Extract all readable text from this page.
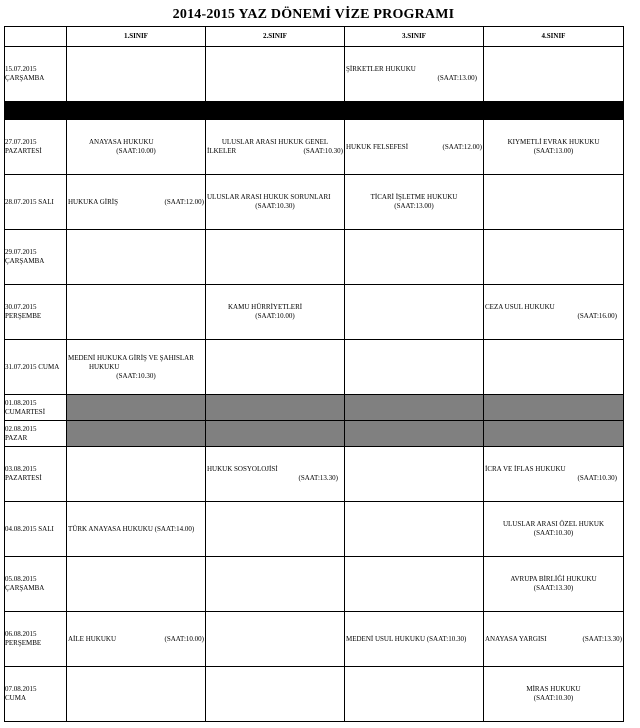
2014-2015 YAZ DÖNEMİ VİZE PROGRAMI
	1.SINIF	2.SINIF	3.SINIF	4.SINIF

15.07.2015
ÇARŞAMBA			ŞİRKETLER HUKUKU
(SAAT:13.00)	

27.07.2015
PAZARTESİ	ANAYASA HUKUKU
(SAAT:10.00)	ULUSLAR ARASI HUKUK GENEL
İLKELER (SAAT:10.30)	HUKUK FELSEFESİ (SAAT:12.00)	KIYMETLİ EVRAK HUKUKU
(SAAT:13.00)

28.07.2015 SALI	HUKUKA GİRİŞ (SAAT:12.00)	ULUSLAR ARASI HUKUK SORUNLARI
(SAAT:10.30)	TİCARİ İŞLETME HUKUKU
(SAAT:13.00)	

29.07.2015
ÇARŞAMBA				

30.07.2015
PERŞEMBE		KAMU HÜRRİYETLERİ
(SAAT:10.00)		CEZA USUL HUKUKU
(SAAT:16.00)

31.07.2015 CUMA	MEDENİ HUKUKA GİRİŞ VE ŞAHISLAR
HUKUKU
(SAAT:10.30)			

01.08.2015
CUMARTESİ				

02.08.2015
PAZAR				

03.08.2015
PAZARTESİ		HUKUK SOSYOLOJİSİ
(SAAT:13.30)		İCRA VE İFLAS HUKUKU
(SAAT:10.30)

04.08.2015 SALI	TÜRK ANAYASA HUKUKU (SAAT:14.00)			ULUSLAR ARASI ÖZEL HUKUK
(SAAT:10.30)

05.08.2015
ÇARŞAMBA				AVRUPA BİRLİĞİ HUKUKU
(SAAT:13.30)

06.08.2015
PERŞEMBE	AİLE HUKUKU (SAAT:10.00)		MEDENİ USUL HUKUKU (SAAT:10.30)	ANAYASA YARGISI (SAAT:13.30)

07.08.2015
CUMA				MİRAS HUKUKU
(SAAT:10.30)
